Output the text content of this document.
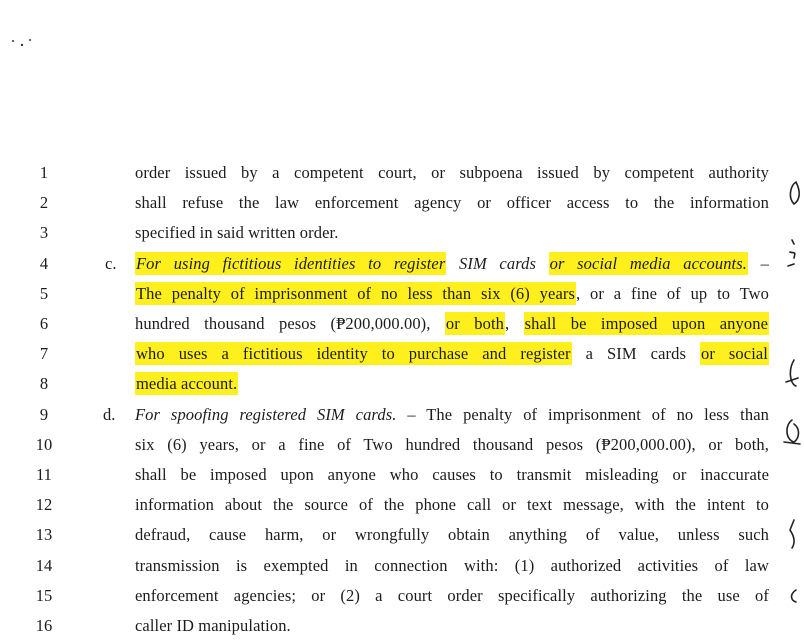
1	order issued by a competent court, or subpoena issued by competent authority
2	shall refuse the law enforcement agency or officer access to the information
3	specified in said written order.
4	c. For using fictitious identities to register SIM cards or social media accounts. –
5	The penalty of imprisonment of no less than six (6) years, or a fine of up to Two
6	hundred thousand pesos (₱200,000.00), or both, shall be imposed upon anyone
7	who uses a fictitious identity to purchase and register a SIM cards or social
8	media account.
9	d. For spoofing registered SIM cards. – The penalty of imprisonment of no less than
10	six (6) years, or a fine of Two hundred thousand pesos (₱200,000.00), or both,
11	shall be imposed upon anyone who causes to transmit misleading or inaccurate
12	information about the source of the phone call or text message, with the intent to
13	defraud, cause harm, or wrongfully obtain anything of value, unless such
14	transmission is exempted in connection with: (1) authorized activities of law
15	enforcement agencies; or (2) a court order specifically authorizing the use of
16	caller ID manipulation.
